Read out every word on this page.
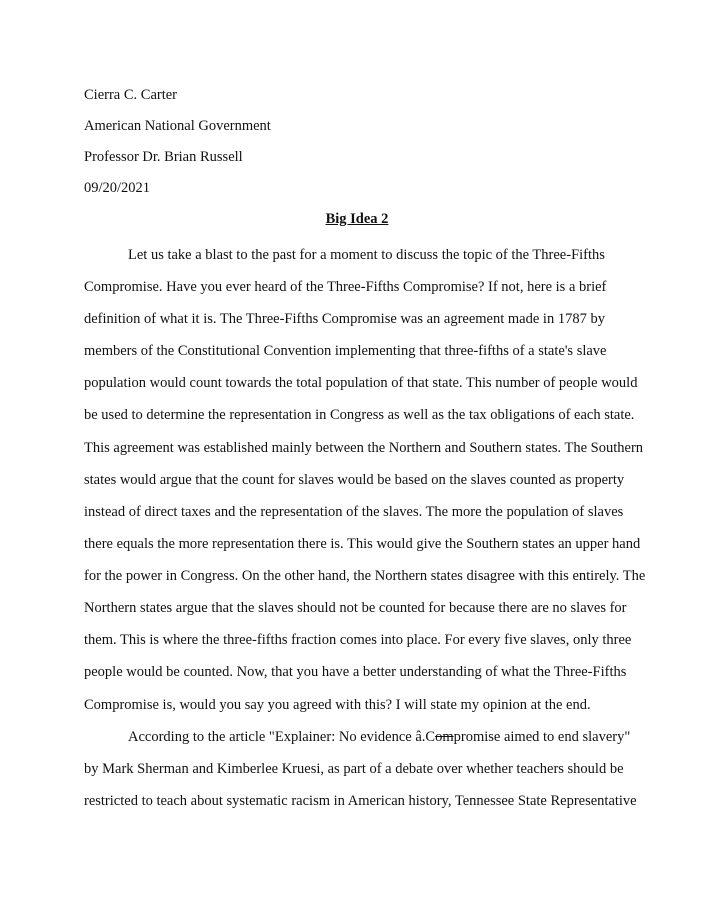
Cierra C. Carter
American National Government
Professor Dr. Brian Russell
09/20/2021
Big Idea 2
Let us take a blast to the past for a moment to discuss the topic of the Three-Fifths
Compromise. Have you ever heard of the Three-Fifths Compromise? If not, here is a brief
definition of what it is. The Three-Fifths Compromise was an agreement made in 1787 by
members of the Constitutional Convention implementing that three-fifths of a state's slave
population would count towards the total population of that state. This number of people would
be used to determine the representation in Congress as well as the tax obligations of each state.
This agreement was established mainly between the Northern and Southern states. The Southern
states would argue that the count for slaves would be based on the slaves counted as property
instead of direct taxes and the representation of the slaves. The more the population of slaves
there equals the more representation there is. This would give the Southern states an upper hand
for the power in Congress. On the other hand, the Northern states disagree with this entirely. The
Northern states argue that the slaves should not be counted for because there are no slaves for
them. This is where the three-fifths fraction comes into place. For every five slaves, only three
people would be counted. Now, that you have a better understanding of what the Three-Fifths
Compromise is, would you say you agreed with this? I will state my opinion at the end.
According to the article "Explainer: No evidence â.Compromise aimed to end slavery"
by Mark Sherman and Kimberlee Kruesi, as part of a debate over whether teachers should be
restricted to teach about systematic racism in American history, Tennessee State Representative
